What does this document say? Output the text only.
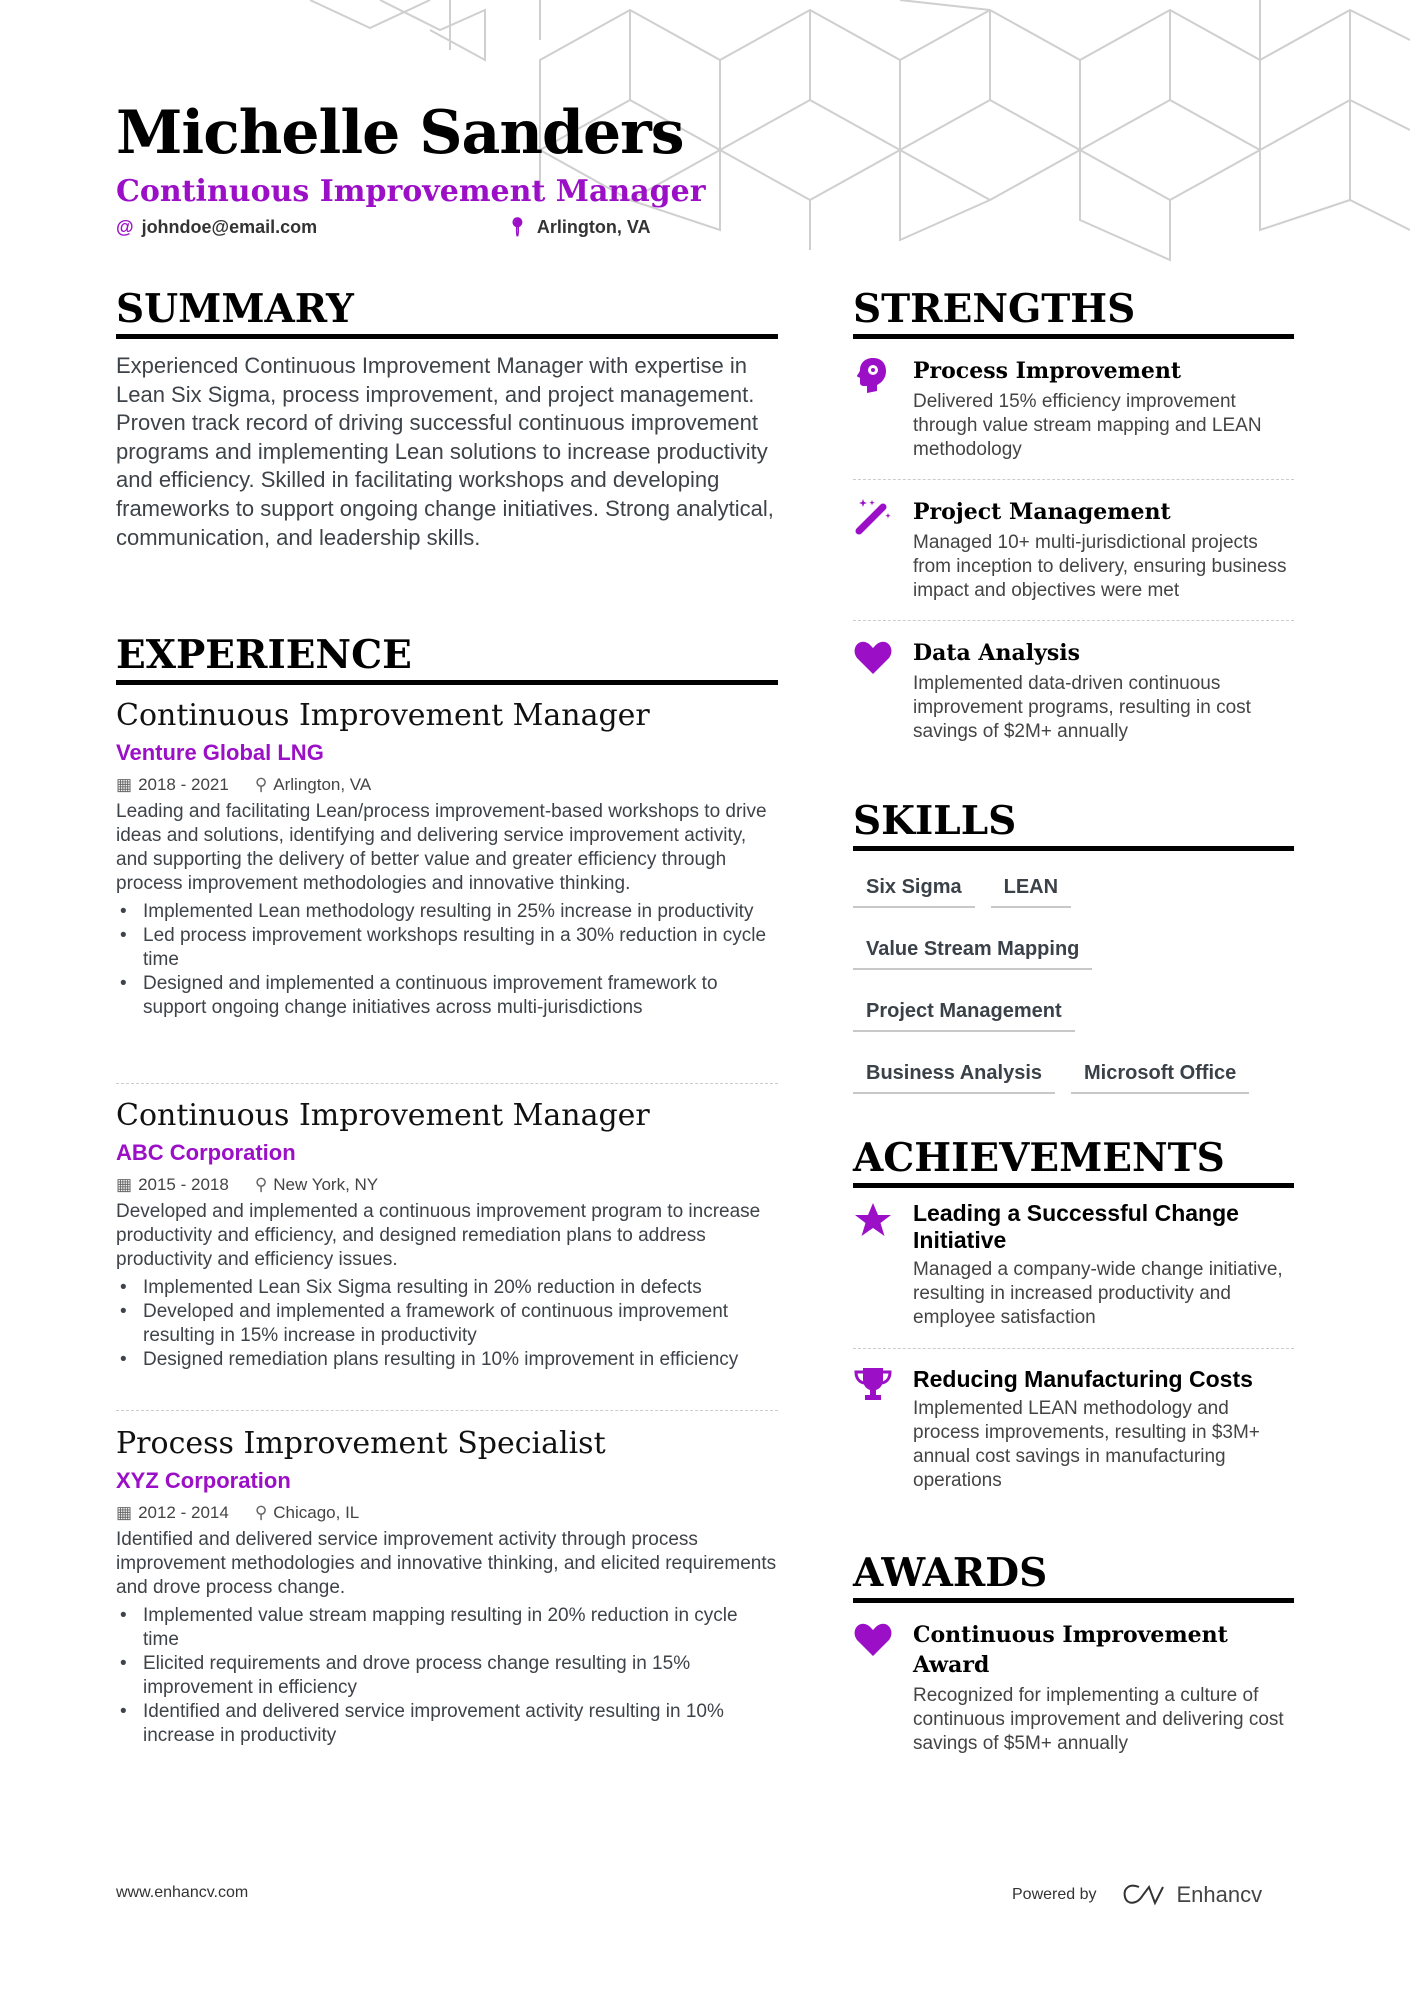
Michelle Sanders
Continuous Improvement Manager
@ johndoe@email.com	📍︎ Arlington, VA
SUMMARY
Experienced Continuous Improvement Manager with expertise in Lean Six Sigma, process improvement, and project management. Proven track record of driving successful continuous improvement programs and implementing Lean solutions to increase productivity and efficiency. Skilled in facilitating workshops and developing frameworks to support ongoing change initiatives. Strong analytical, communication, and leadership skills.
EXPERIENCE
Continuous Improvement Manager
Venture Global LNG
▦ 2018 - 2021 ⚲ Arlington, VA
Leading and facilitating Lean/process improvement-based workshops to drive ideas and solutions, identifying and delivering service improvement activity, and supporting the delivery of better value and greater efficiency through process improvement methodologies and innovative thinking.
• Implemented Lean methodology resulting in 25% increase in productivity
• Led process improvement workshops resulting in a 30% reduction in cycle time
• Designed and implemented a continuous improvement framework to support ongoing change initiatives across multi-jurisdictions
Continuous Improvement Manager
ABC Corporation
▦ 2015 - 2018 ⚲ New York, NY
Developed and implemented a continuous improvement program to increase productivity and efficiency, and designed remediation plans to address productivity and efficiency issues.
• Implemented Lean Six Sigma resulting in 20% reduction in defects
• Developed and implemented a framework of continuous improvement resulting in 15% increase in productivity
• Designed remediation plans resulting in 10% improvement in efficiency
Process Improvement Specialist
XYZ Corporation
▦ 2012 - 2014 ⚲ Chicago, IL
Identified and delivered service improvement activity through process improvement methodologies and innovative thinking, and elicited requirements and drove process change.
• Implemented value stream mapping resulting in 20% reduction in cycle time
• Elicited requirements and drove process change resulting in 15% improvement in efficiency
• Identified and delivered service improvement activity resulting in 10% increase in productivity
STRENGTHS
Process Improvement
Delivered 15% efficiency improvement through value stream mapping and LEAN methodology
Project Management
Managed 10+ multi-jurisdictional projects from inception to delivery, ensuring business impact and objectives were met
Data Analysis
Implemented data-driven continuous improvement programs, resulting in cost savings of $2M+ annually
SKILLS
Six Sigma	LEAN
Value Stream Mapping
Project Management
Business Analysis	Microsoft Office
ACHIEVEMENTS
Leading a Successful Change Initiative
Managed a company-wide change initiative, resulting in increased productivity and employee satisfaction
Reducing Manufacturing Costs
Implemented LEAN methodology and process improvements, resulting in $3M+ annual cost savings in manufacturing operations
AWARDS
Continuous Improvement Award
Recognized for implementing a culture of continuous improvement and delivering cost savings of $5M+ annually
www.enhancv.com	Powered by	Enhancv
